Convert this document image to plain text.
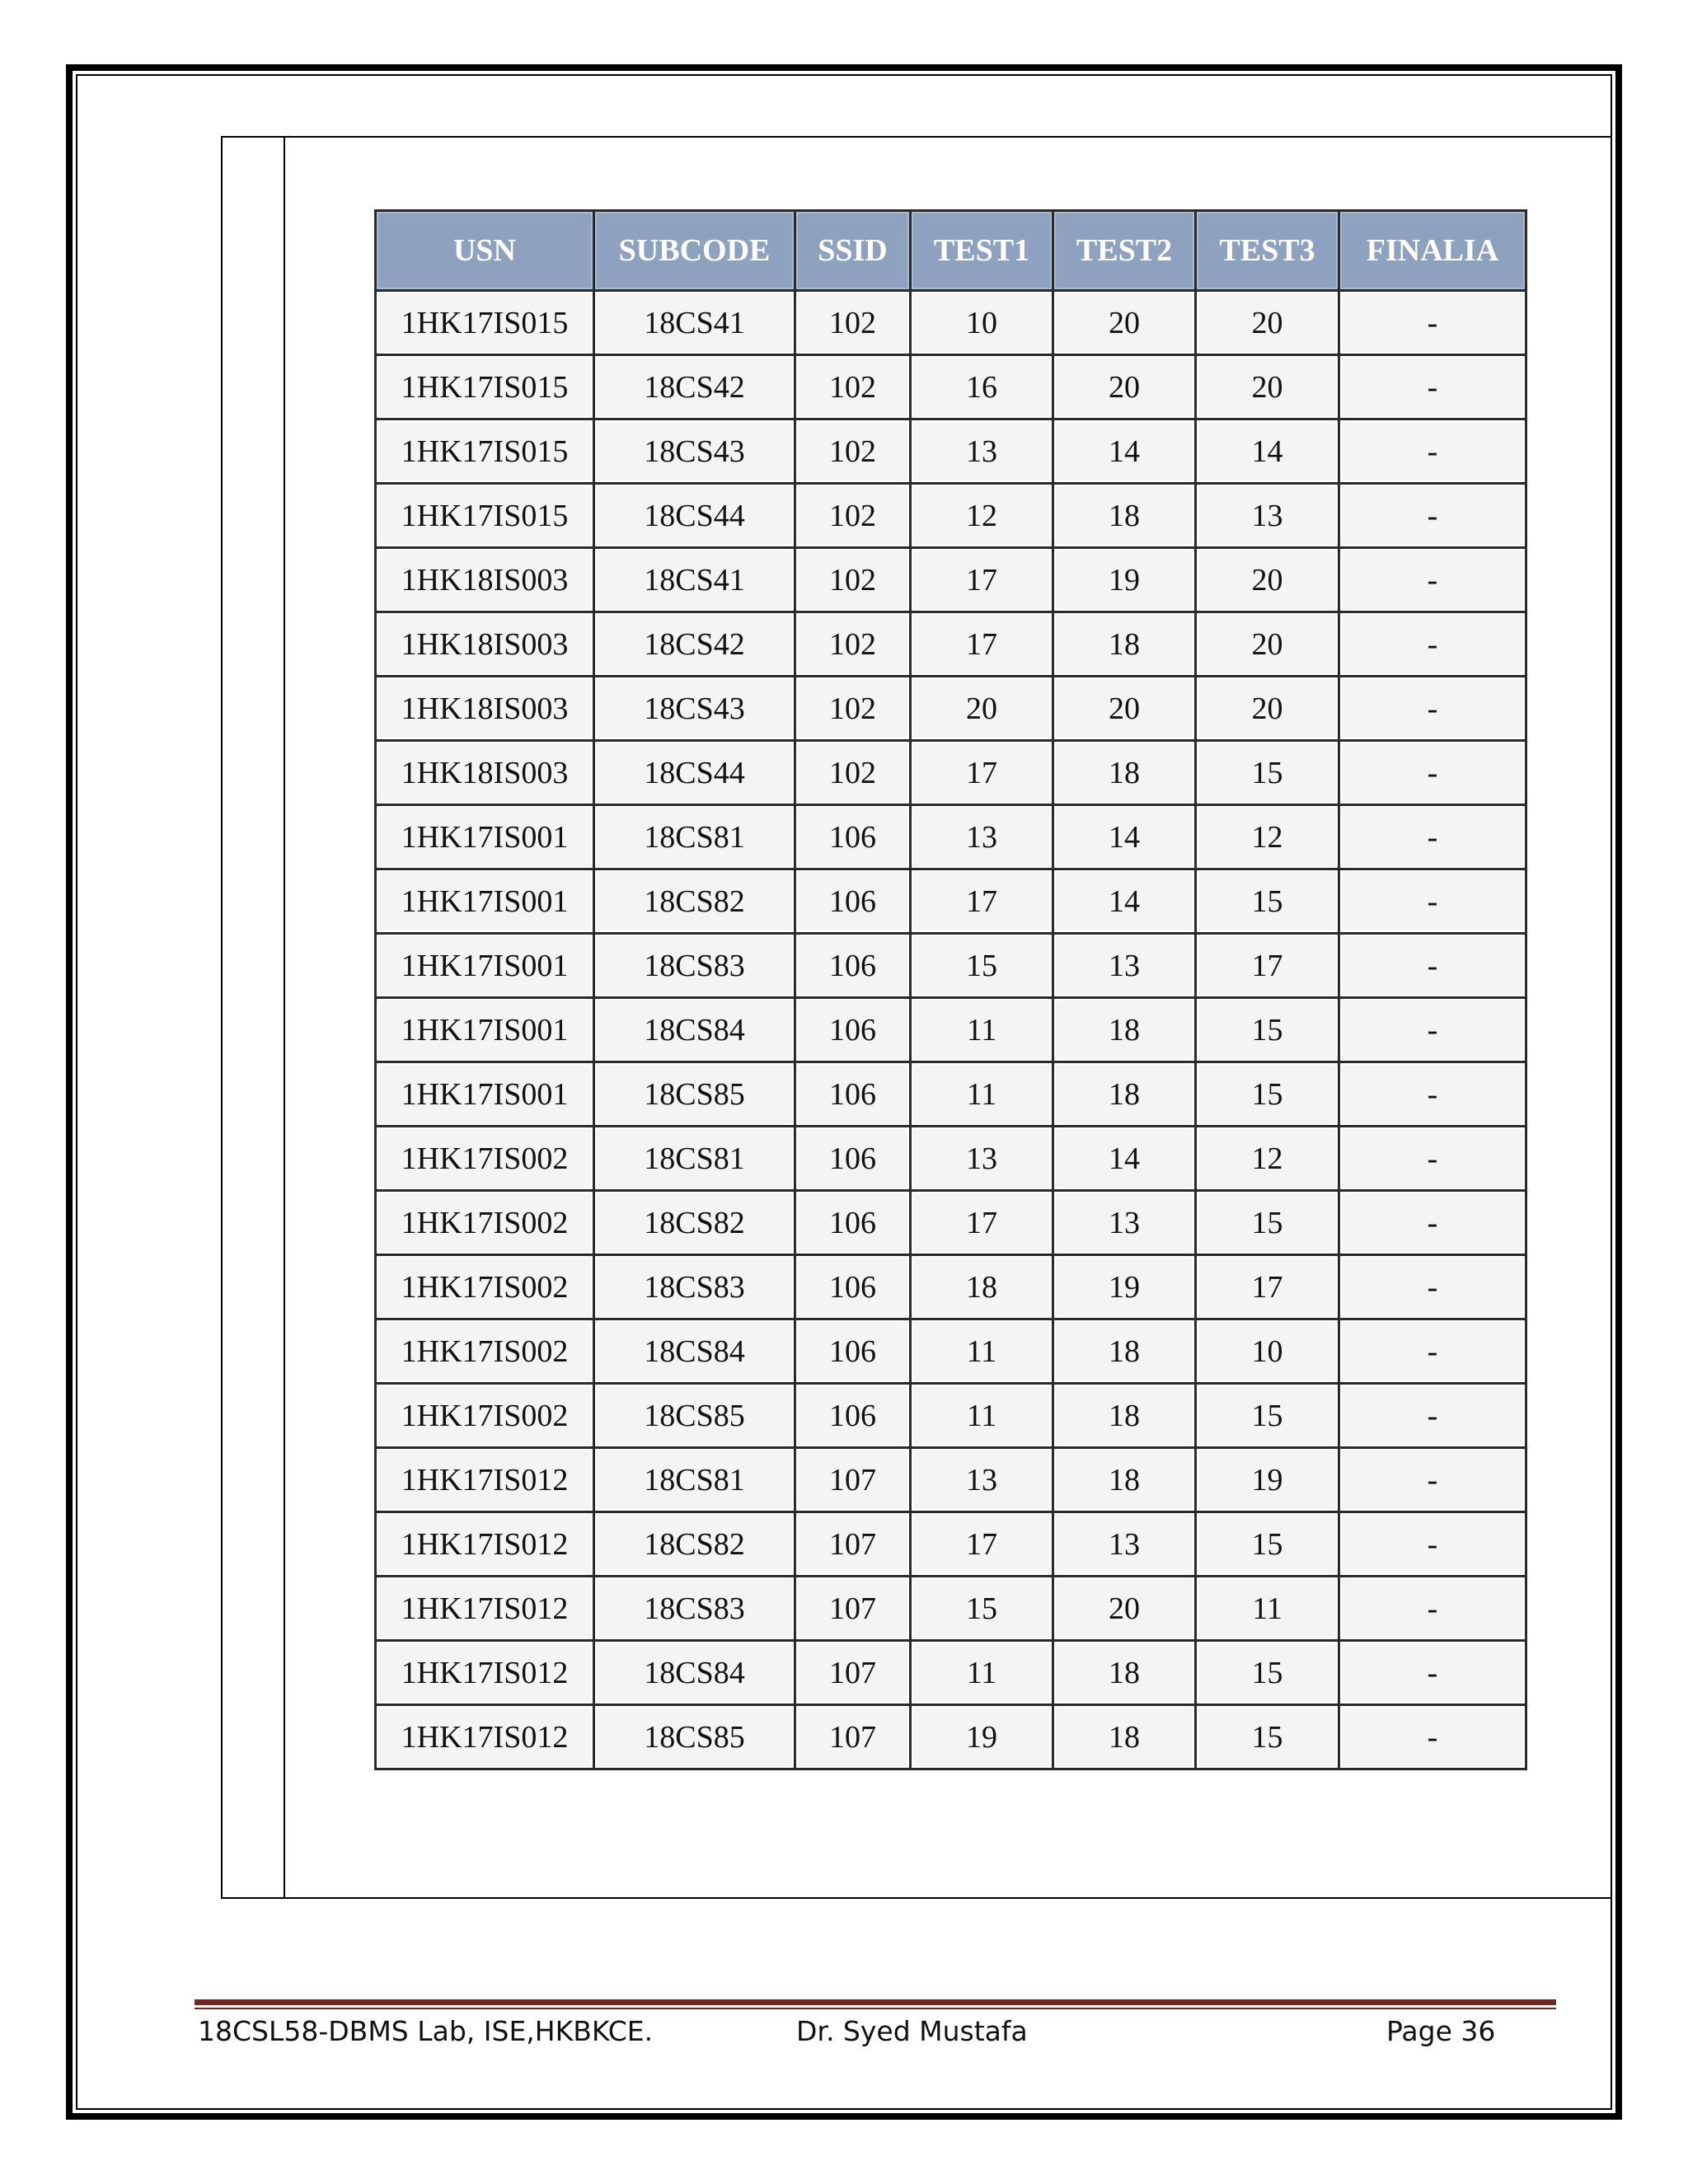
USN	SUBCODE	SSID	TEST1	TEST2	TEST3	FINALIA
1HK17IS015	18CS41	102	10	20	20	-
1HK17IS015	18CS42	102	16	20	20	-
1HK17IS015	18CS43	102	13	14	14	-
1HK17IS015	18CS44	102	12	18	13	-
1HK18IS003	18CS41	102	17	19	20	-
1HK18IS003	18CS42	102	17	18	20	-
1HK18IS003	18CS43	102	20	20	20	-
1HK18IS003	18CS44	102	17	18	15	-
1HK17IS001	18CS81	106	13	14	12	-
1HK17IS001	18CS82	106	17	14	15	-
1HK17IS001	18CS83	106	15	13	17	-
1HK17IS001	18CS84	106	11	18	15	-
1HK17IS001	18CS85	106	11	18	15	-
1HK17IS002	18CS81	106	13	14	12	-
1HK17IS002	18CS82	106	17	13	15	-
1HK17IS002	18CS83	106	18	19	17	-
1HK17IS002	18CS84	106	11	18	10	-
1HK17IS002	18CS85	106	11	18	15	-
1HK17IS012	18CS81	107	13	18	19	-
1HK17IS012	18CS82	107	17	13	15	-
1HK17IS012	18CS83	107	15	20	11	-
1HK17IS012	18CS84	107	11	18	15	-
1HK17IS012	18CS85	107	19	18	15	-
18CSL58-DBMS Lab, ISE,HKBKCE.	Dr. Syed Mustafa	Page 36
